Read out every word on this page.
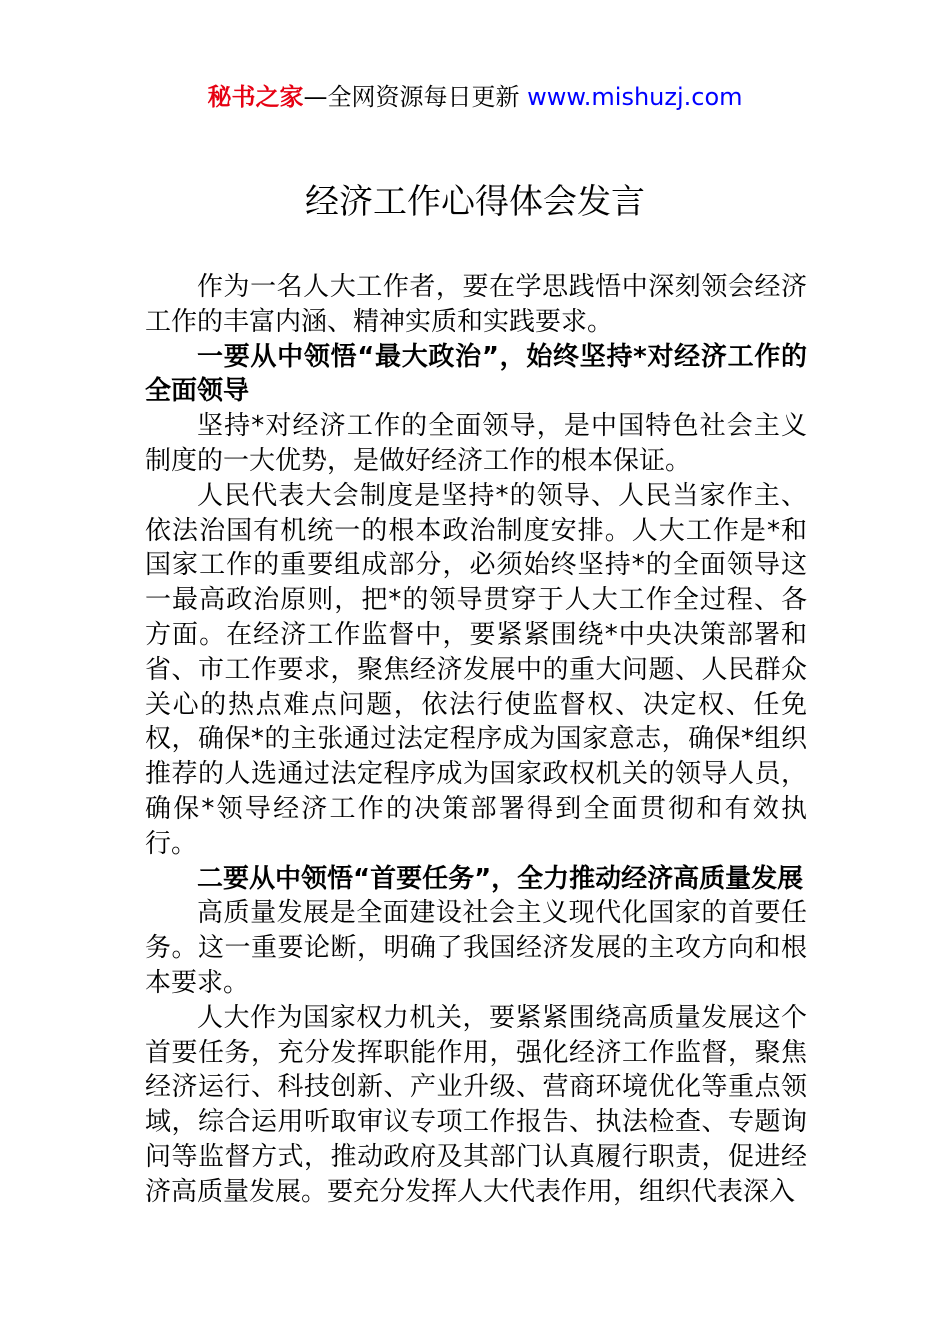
秘书之家—全网资源每日更新 www.mishuzj.com
经济工作心得体会发言

作为一名人大工作者，要在学思践悟中深刻领会经济工作的丰富内涵、精神实质和实践要求。

一要从中领悟“最大政治”，始终坚持*对经济工作的全面领导

坚持*对经济工作的全面领导，是中国特色社会主义制度的一大优势，是做好经济工作的根本保证。

人民代表大会制度是坚持*的领导、人民当家作主、依法治国有机统一的根本政治制度安排。人大工作是*和国家工作的重要组成部分，必须始终坚持*的全面领导这一最高政治原则，把*的领导贯穿于人大工作全过程、各方面。在经济工作监督中，要紧紧围绕*中央决策部署和省、市工作要求，聚焦经济发展中的重大问题、人民群众关心的热点难点问题，依法行使监督权、决定权、任免权，确保*的主张通过法定程序成为国家意志，确保*组织推荐的人选通过法定程序成为国家政权机关的领导人员，确保*领导经济工作的决策部署得到全面贯彻和有效执行。

二要从中领悟“首要任务”，全力推动经济高质量发展

高质量发展是全面建设社会主义现代化国家的首要任务。这一重要论断，明确了我国经济发展的主攻方向和根本要求。

人大作为国家权力机关，要紧紧围绕高质量发展这个首要任务，充分发挥职能作用，强化经济工作监督，聚焦经济运行、科技创新、产业升级、营商环境优化等重点领域，综合运用听取审议专项工作报告、执法检查、专题询问等监督方式，推动政府及其部门认真履行职责，促进经济高质量发展。要充分发挥人大代表作用，组织代表深入
